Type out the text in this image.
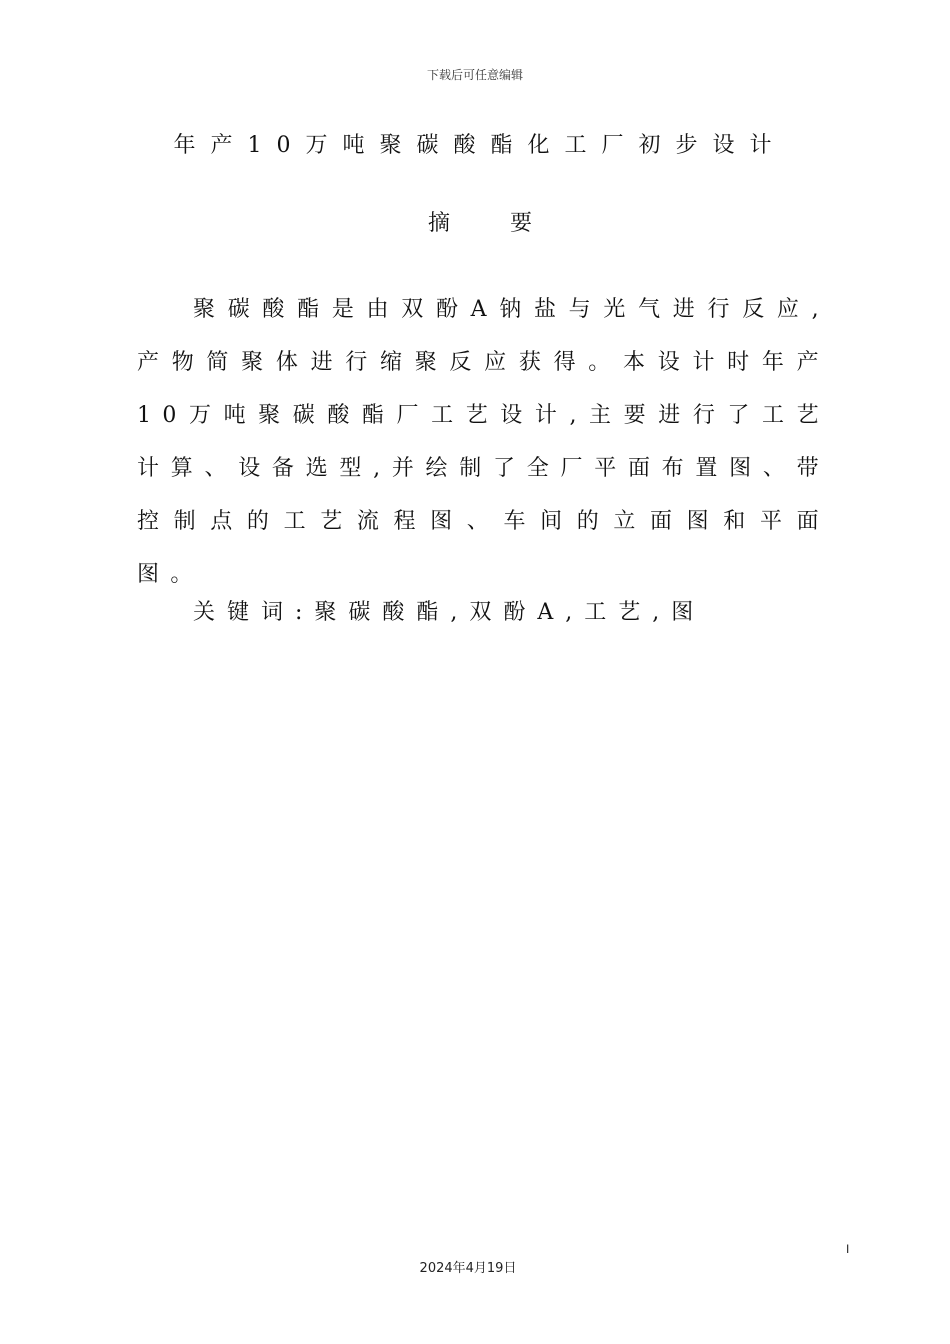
下载后可任意编辑
年产10万吨聚碳酸酯化工厂初步设计
摘要

聚碳酸酯是由双酚A钠盐与光气进行反应,产物简聚体进行缩聚反应获得。本设计时年产10万吨聚碳酸酯厂工艺设计,主要进行了工艺计算、设备选型,并绘制了全厂平面布置图、带控制点的工艺流程图、车间的立面图和平面图。

关键词:聚碳酸酯,双酚A,工艺,图
I
2024年4月19日
